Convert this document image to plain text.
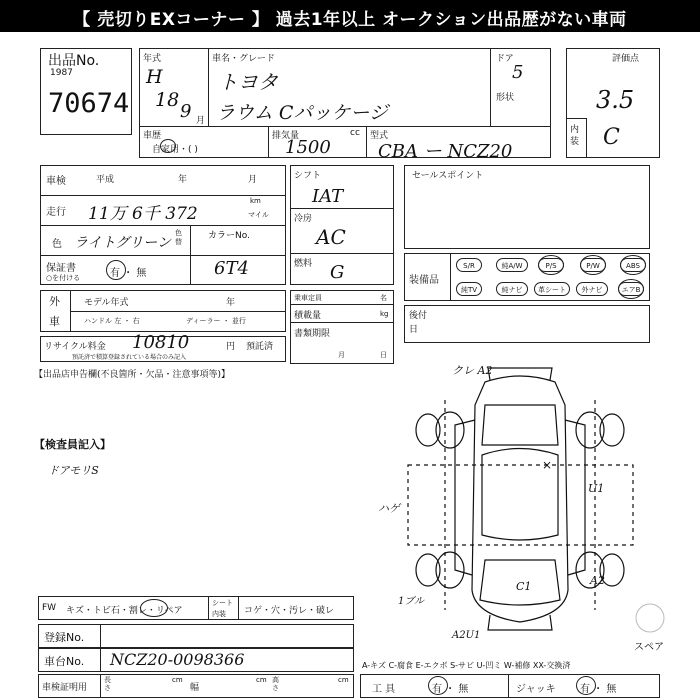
【 売切りEXコーナー 】 過去1年以上 オークション出品歴がない車両
出品No.
1987
70674
年式
H
18
9 月
車名・グレード
トヨタ
ラウム Cパッケージ
ドア
5
形状
車歴
自家用・( )
排気量	cc
1500
型式
CBA ー NCZ20
評価点
3.5
内装 C
車検	平成	年	月
走行 11万 6千 372
km
マイル
色 ライトグリーン
色替
カラーNo.
6T4
保証書
○を付ける	有 ・ 無
シフト
IAT
冷房
AC
燃料 G
セールスポイント
装備品
S/R	純A/W	P/S	P/W	ABS
純TV	純ナビ	革シート	外ナビ	エアB
後付
日
外
車
モデル年式	年
ハンドル 左 ・ 右	ディーラー ・ 並行
乗車定員	名
積載量	kg
書類期限
月	日
リサイクル料金 10810	円 預託済
預託済で積算登録されている場合のみ記入
【出品店申告欄(不良箇所・欠品・注意事項等)】
【検査員記入】
ドアモリS
クレ A2
×
U1
ハゲ
C1	A2
1ブル
A2U1
スペア
FW キズ・トビ石・割レ・リペア
シート
内装 コゲ・穴・汚レ・破レ
登録No.
車台No. NCZ20-0098366
車検証明用
長さ
cm
幅
cm 高さ
cm
A-キズ C-腐食 E-エクボ S-サビ U-凹ミ W-補修 XX-交換済
工 具	有 ・ 無	ジャッキ 有 ・ 無
